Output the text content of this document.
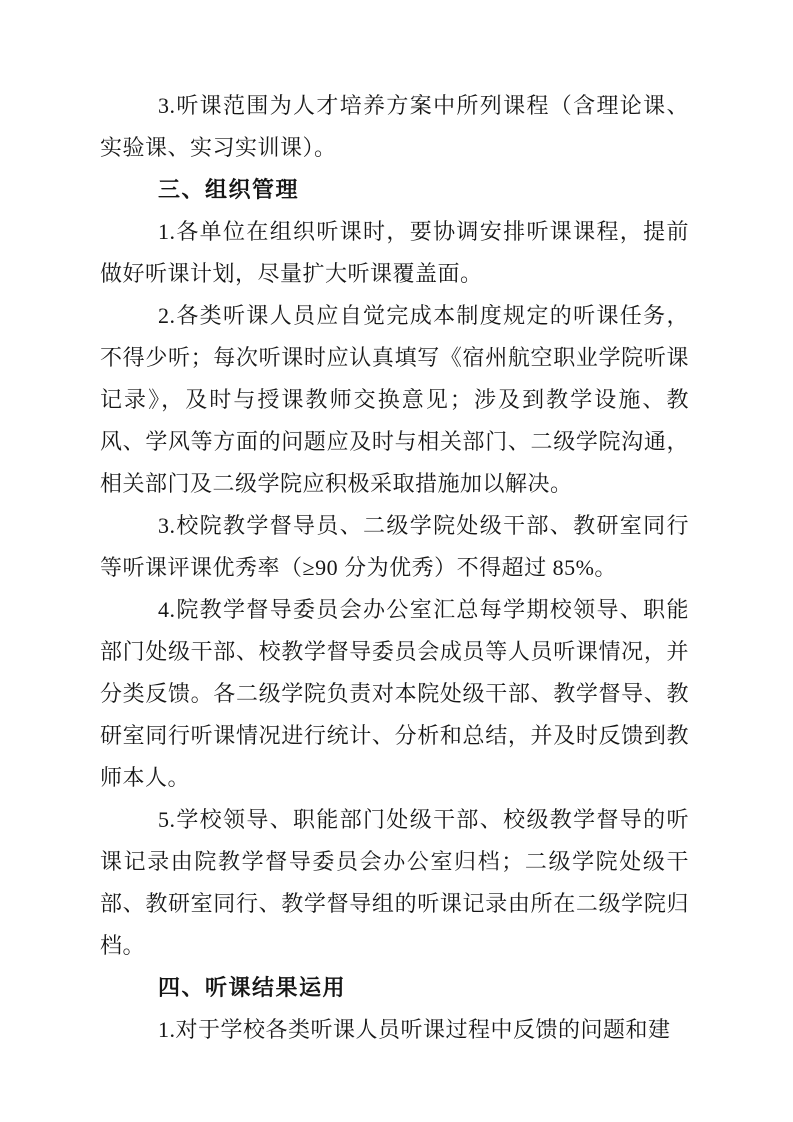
3.听课范围为人才培养方案中所列课程（含理论课、实验课、实习实训课）。
三、组织管理
1.各单位在组织听课时，要协调安排听课课程，提前做好听课计划，尽量扩大听课覆盖面。
2.各类听课人员应自觉完成本制度规定的听课任务，不得少听；每次听课时应认真填写《宿州航空职业学院听课记录》，及时与授课教师交换意见；涉及到教学设施、教风、学风等方面的问题应及时与相关部门、二级学院沟通，相关部门及二级学院应积极采取措施加以解决。
3.校院教学督导员、二级学院处级干部、教研室同行等听课评课优秀率（≥90 分为优秀）不得超过 85%。
4.院教学督导委员会办公室汇总每学期校领导、职能部门处级干部、校教学督导委员会成员等人员听课情况，并分类反馈。各二级学院负责对本院处级干部、教学督导、教研室同行听课情况进行统计、分析和总结，并及时反馈到教师本人。
5.学校领导、职能部门处级干部、校级教学督导的听课记录由院教学督导委员会办公室归档；二级学院处级干部、教研室同行、教学督导组的听课记录由所在二级学院归档。
四、听课结果运用
1.对于学校各类听课人员听课过程中反馈的问题和建
